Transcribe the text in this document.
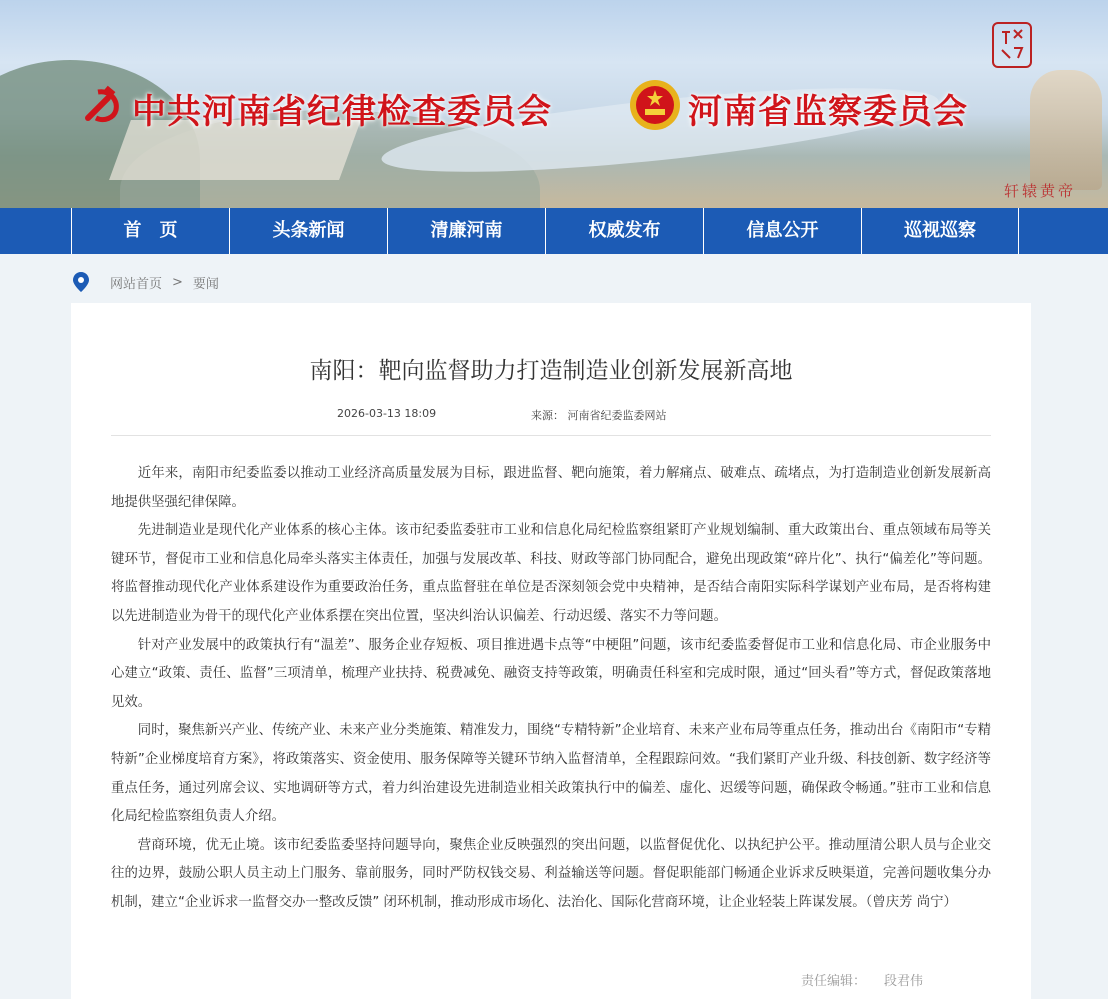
中共河南省纪律检查委员会	河南省监察委员会
轩辕黄帝
首　页	头条新闻	清廉河南	权威发布	信息公开	巡视巡察
网站首页 > 要闻
南阳：靶向监督助力打造制造业创新发展新高地
2026-03-13 18:09	来源： 河南省纪委监委网站

近年来，南阳市纪委监委以推动工业经济高质量发展为目标，跟进监督、靶向施策，着力解痛点、破难点、疏堵点，为打造制造业创新发展新高地提供坚强纪律保障。

先进制造业是现代化产业体系的核心主体。该市纪委监委驻市工业和信息化局纪检监察组紧盯产业规划编制、重大政策出台、重点领域布局等关键环节，督促市工业和信息化局牵头落实主体责任，加强与发展改革、科技、财政等部门协同配合，避免出现政策“碎片化”、执行“偏差化”等问题。将监督推动现代化产业体系建设作为重要政治任务，重点监督驻在单位是否深刻领会党中央精神，是否结合南阳实际科学谋划产业布局，是否将构建以先进制造业为骨干的现代化产业体系摆在突出位置，坚决纠治认识偏差、行动迟缓、落实不力等问题。

针对产业发展中的政策执行有“温差”、服务企业存短板、项目推进遇卡点等“中梗阻”问题，该市纪委监委督促市工业和信息化局、市企业服务中心建立“政策、责任、监督”三项清单，梳理产业扶持、税费减免、融资支持等政策，明确责任科室和完成时限，通过“回头看”等方式，督促政策落地见效。

同时，聚焦新兴产业、传统产业、未来产业分类施策、精准发力，围绕“专精特新”企业培育、未来产业布局等重点任务，推动出台《南阳市“专精特新”企业梯度培育方案》，将政策落实、资金使用、服务保障等关键环节纳入监督清单，全程跟踪问效。“我们紧盯产业升级、科技创新、数字经济等重点任务，通过列席会议、实地调研等方式，着力纠治建设先进制造业相关政策执行中的偏差、虚化、迟缓等问题，确保政令畅通。”驻市工业和信息化局纪检监察组负责人介绍。

营商环境，优无止境。该市纪委监委坚持问题导向，聚焦企业反映强烈的突出问题，以监督促优化、以执纪护公平。推动厘清公职人员与企业交往的边界，鼓励公职人员主动上门服务、靠前服务，同时严防权钱交易、利益输送等问题。督促职能部门畅通企业诉求反映渠道，完善问题收集分办机制，建立“企业诉求一监督交办一整改反馈” 闭环机制，推动形成市场化、法治化、国际化营商环境，让企业轻装上阵谋发展。（曾庆芳 尚宁）

责任编辑： 段君伟
